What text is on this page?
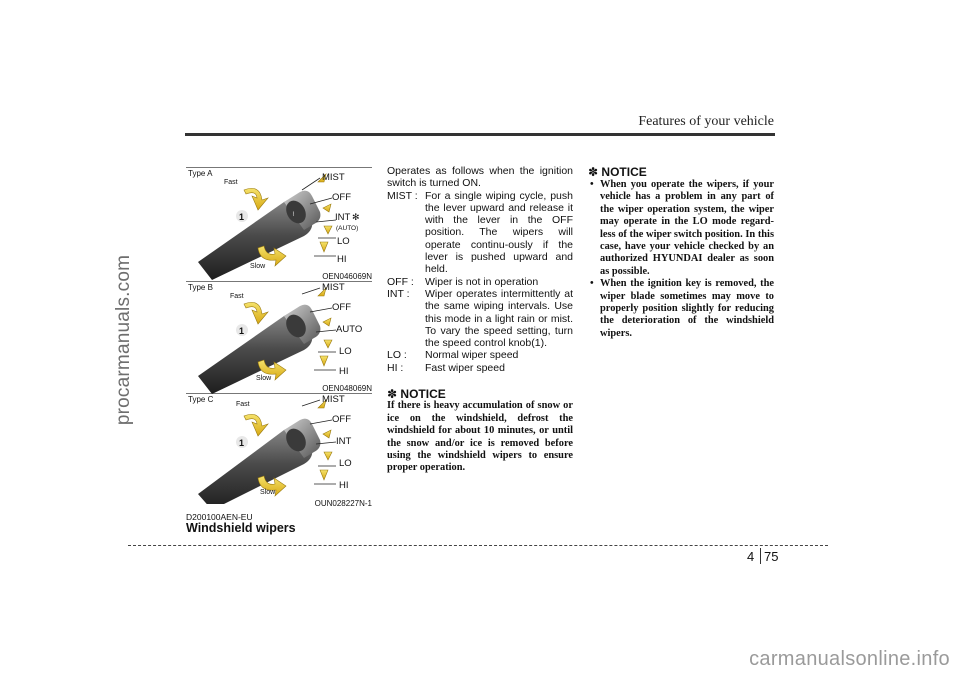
Features of your vehicle
procarmanuals.com
carmanualsonline.info
Type A
Type B
Type C
OEN046069N
OEN048069N
OUN028227N-1
⌇
1
MIST
OFF
INT ✻
(AUTO)
LO
HI
Fast
Slow
1
MIST
OFF
AUTO
LO
HI
Fast
Slow
1
MIST
OFF
INT
LO
HI
Fast
Slow
D200100AEN-EU
Windshield wipers
Operates as follows when the ignition switch is turned ON.
MIST : For a single wiping cycle, push the lever upward and release it with the lever in the OFF position. The wipers will operate continu-ously if the lever is pushed upward and held.
OFF : Wiper is not in operation
INT : Wiper operates intermittently at the same wiping intervals. Use this mode in a light rain or mist. To vary the speed setting, turn the speed control knob(1).
LO : Normal wiper speed
HI : Fast wiper speed
✽ NOTICE
If there is heavy accumulation of snow or ice on the windshield, defrost the windshield for about 10 minutes, or until the snow and/or ice is removed before using the windshield wipers to ensure proper operation.
✽ NOTICE
• When you operate the wipers, if your vehicle has a problem in any part of the wiper operation system, the wiper may operate in the LO mode regard-less of the wiper switch position. In this case, have your vehicle checked by an authorized HYUNDAI dealer as soon as possible.
• When the ignition key is removed, the wiper blade sometimes may move to properly position slightly for reducing the deterioration of the windshield wipers.
4 75
